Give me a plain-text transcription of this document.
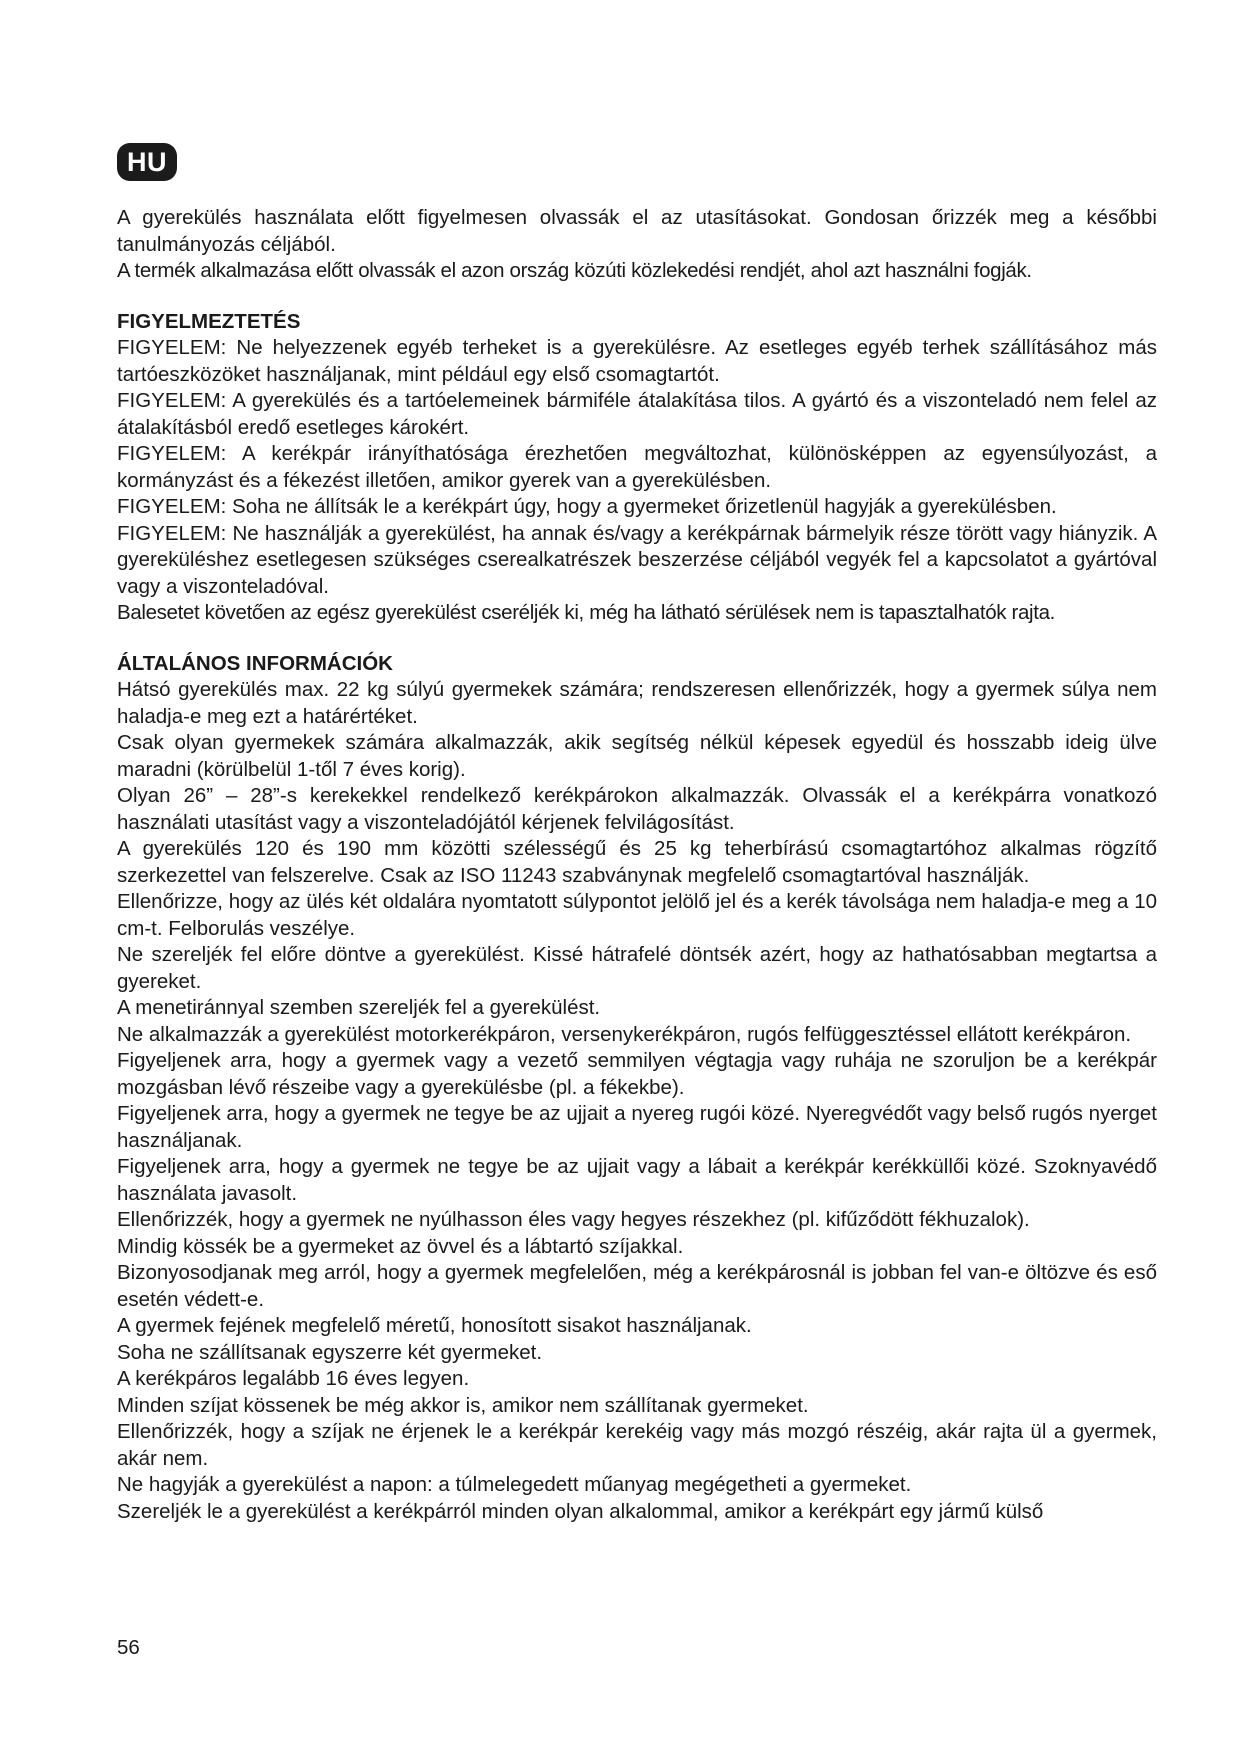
HU

A gyerekülés használata előtt figyelmesen olvassák el az utasításokat. Gondosan őrizzék meg a későbbi tanulmányozás céljából.

A termék alkalmazása előtt olvassák el azon ország közúti közlekedési rendjét, ahol azt használni fogják.

FIGYELMEZTETÉS

FIGYELEM: Ne helyezzenek egyéb terheket is a gyerekülésre. Az esetleges egyéb terhek szállításához más tartóeszközöket használjanak, mint például egy első csomagtartót.

FIGYELEM: A gyerekülés és a tartóelemeinek bármiféle átalakítása tilos. A gyártó és a viszonteladó nem felel az átalakításból eredő esetleges károkért.

FIGYELEM: A kerékpár irányíthatósága érezhetően megváltozhat, különösképpen az egyensúlyozást, a kormányzást és a fékezést illetően, amikor gyerek van a gyerekülésben.

FIGYELEM: Soha ne állítsák le a kerékpárt úgy, hogy a gyermeket őrizetlenül hagyják a gyerekülésben.

FIGYELEM: Ne használják a gyerekülést, ha annak és/vagy a kerékpárnak bármelyik része törött vagy hiányzik. A gyereküléshez esetlegesen szükséges cserealkatrészek beszerzése céljából vegyék fel a kapcsolatot a gyártóval vagy a viszonteladóval.

Balesetet követően az egész gyerekülést cseréljék ki, még ha látható sérülések nem is tapasztalhatók rajta.

ÁLTALÁNOS INFORMÁCIÓK

Hátsó gyerekülés max. 22 kg súlyú gyermekek számára; rendszeresen ellenőrizzék, hogy a gyermek súlya nem haladja-e meg ezt a határértéket.

Csak olyan gyermekek számára alkalmazzák, akik segítség nélkül képesek egyedül és hosszabb ideig ülve maradni (körülbelül 1-től 7 éves korig).

Olyan 26” – 28”-s kerekekkel rendelkező kerékpárokon alkalmazzák. Olvassák el a kerékpárra vonatkozó használati utasítást vagy a viszonteladójától kérjenek felvilágosítást.

A gyerekülés 120 és 190 mm közötti szélességű és 25 kg teherbírású csomagtartóhoz alkalmas rögzítő szerkezettel van felszerelve. Csak az ISO 11243 szabványnak megfelelő csomagtartóval használják.

Ellenőrizze, hogy az ülés két oldalára nyomtatott súlypontot jelölő jel és a kerék távolsága nem haladja-e meg a 10 cm-t. Felborulás veszélye.

Ne szereljék fel előre döntve a gyerekülést. Kissé hátrafelé döntsék azért, hogy az hathatósabban megtartsa a gyereket.

A menetiránnyal szemben szereljék fel a gyerekülést.

Ne alkalmazzák a gyerekülést motorkerékpáron, versenykerékpáron, rugós felfüggesztéssel ellátott kerékpáron.

Figyeljenek arra, hogy a gyermek vagy a vezető semmilyen végtagja vagy ruhája ne szoruljon be a kerékpár mozgásban lévő részeibe vagy a gyerekülésbe (pl. a fékekbe).

Figyeljenek arra, hogy a gyermek ne tegye be az ujjait a nyereg rugói közé. Nyeregvédőt vagy belső rugós nyerget használjanak.

Figyeljenek arra, hogy a gyermek ne tegye be az ujjait vagy a lábait a kerékpár kerékküllői közé. Szoknyavédő használata javasolt.

Ellenőrizzék, hogy a gyermek ne nyúlhasson éles vagy hegyes részekhez (pl. kifűződött fékhuzalok).

Mindig kössék be a gyermeket az övvel és a lábtartó szíjakkal.

Bizonyosodjanak meg arról, hogy a gyermek megfelelően, még a kerékpárosnál is jobban fel van-e öltözve és eső esetén védett-e.

A gyermek fejének megfelelő méretű, honosított sisakot használjanak.

Soha ne szállítsanak egyszerre két gyermeket.

A kerékpáros legalább 16 éves legyen.

Minden szíjat kössenek be még akkor is, amikor nem szállítanak gyermeket.

Ellenőrizzék, hogy a szíjak ne érjenek le a kerékpár kerekéig vagy más mozgó részéig, akár rajta ül a gyermek, akár nem.

Ne hagyják a gyerekülést a napon: a túlmelegedett műanyag megégetheti a gyermeket.

Szereljék le a gyerekülést a kerékpárról minden olyan alkalommal, amikor a kerékpárt egy jármű külső

56
